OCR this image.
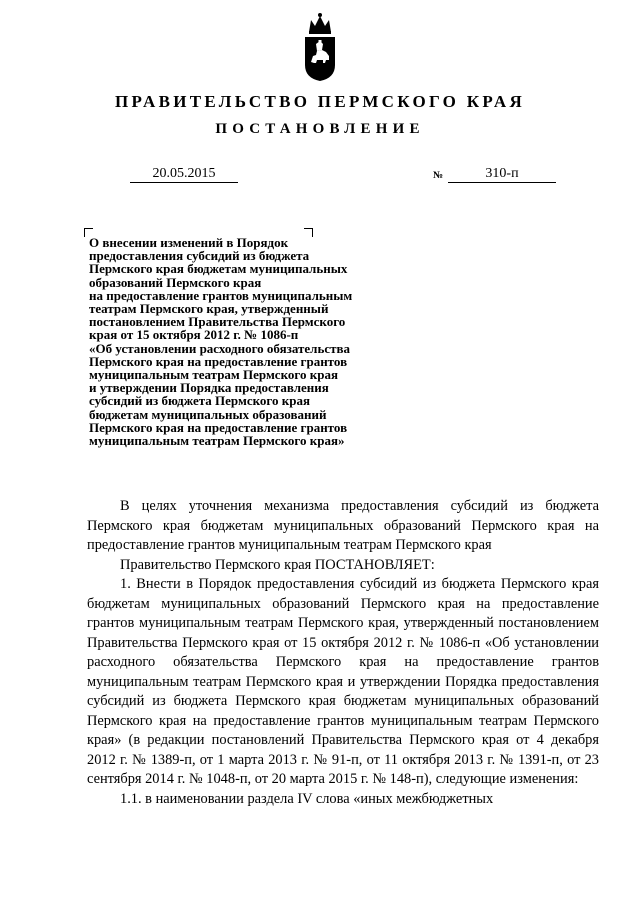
ПРАВИТЕЛЬСТВО ПЕРМСКОГО КРАЯ
ПОСТАНОВЛЕНИЕ
20.05.2015	№	310-п
О внесении изменений в Порядок
предоставления субсидий из бюджета
Пермского края бюджетам муниципальных
образований Пермского края
на предоставление грантов муниципальным
театрам Пермского края, утвержденный
постановлением Правительства Пермского
края от 15 октября 2012 г. № 1086-п
«Об установлении расходного обязательства
Пермского края на предоставление грантов
муниципальным театрам Пермского края
и утверждении Порядка предоставления
субсидий из бюджета Пермского края
бюджетам муниципальных образований
Пермского края на предоставление грантов
муниципальным театрам Пермского края»

В целях уточнения механизма предоставления субсидий из бюджета Пермского края бюджетам муниципальных образований Пермского края на предоставление грантов муниципальным театрам Пермского края

Правительство Пермского края ПОСТАНОВЛЯЕТ:

1. Внести в Порядок предоставления субсидий из бюджета Пермского края бюджетам муниципальных образований Пермского края на предоставление грантов муниципальным театрам Пермского края, утвержденный постановлением Правительства Пермского края от 15 октября 2012 г. № 1086-п «Об установлении расходного обязательства Пермского края на предоставление грантов муниципальным театрам Пермского края и утверждении Порядка предоставления субсидий из бюджета Пермского края бюджетам муниципальных образований Пермского края на предоставление грантов муниципальным театрам Пермского края» (в редакции постановлений Правительства Пермского края от 4 декабря 2012 г. № 1389-п, от 1 марта 2013 г. № 91-п, от 11 октября 2013 г. № 1391-п, от 23 сентября 2014 г. № 1048-п, от 20 марта 2015 г. № 148-п), следующие изменения:

1.1. в наименовании раздела IV слова «иных межбюджетных
